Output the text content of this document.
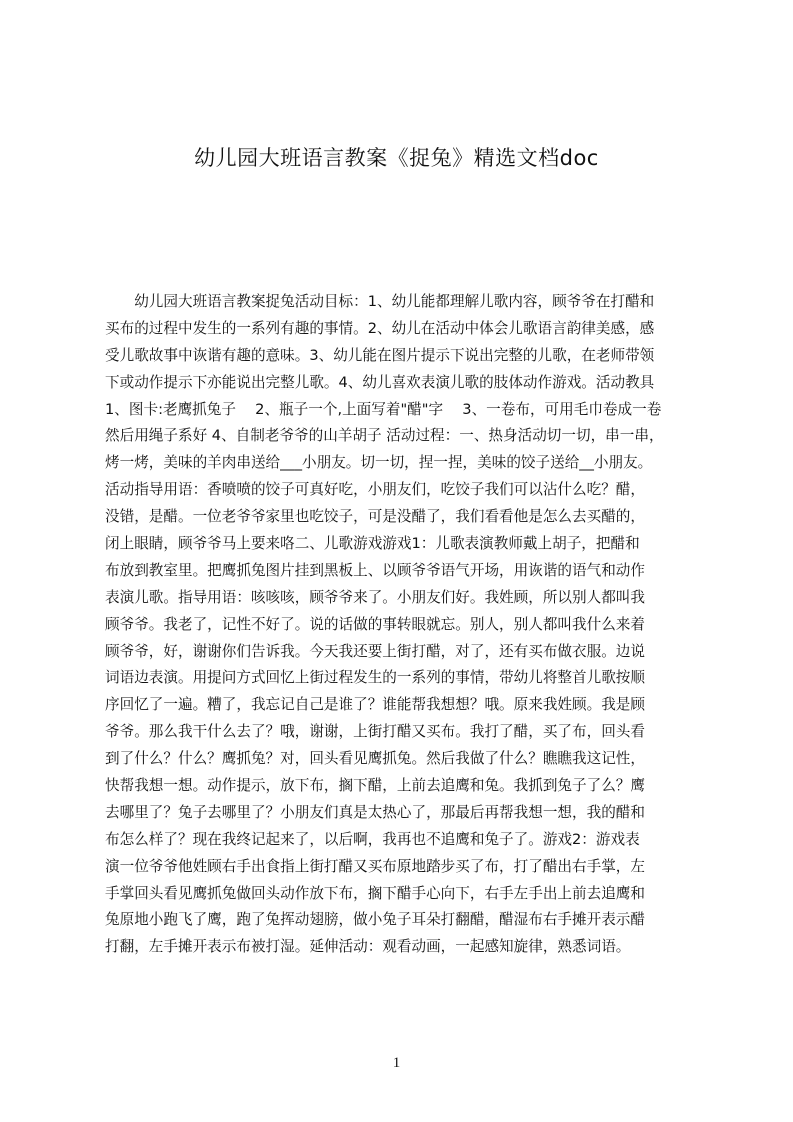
幼儿园大班语言教案《捉兔》精选文档doc
　　幼儿园大班语言教案捉兔活动目标：1、幼儿能都理解儿歌内容，顾爷爷在打醋和
买布的过程中发生的一系列有趣的事情。2、幼儿在活动中体会儿歌语言韵律美感，感
受儿歌故事中诙谐有趣的意味。3、幼儿能在图片提示下说出完整的儿歌，在老师带领
下或动作提示下亦能说出完整儿歌。4、幼儿喜欢表演儿歌的肢体动作游戏。活动教具
1、图卡:老鹰抓兔子　 2、瓶子一个,上面写着"醋"字　 3、一卷布，可用毛巾卷成一卷
然后用绳子系好 4、自制老爷爷的山羊胡子 活动过程：一、热身活动切一切，串一串，
烤一烤，美味的羊肉串送给___小朋友。切一切，捏一捏，美味的饺子送给__小朋友。
活动指导用语：香喷喷的饺子可真好吃，小朋友们，吃饺子我们可以沾什么吃？醋，
没错，是醋。一位老爷爷家里也吃饺子，可是没醋了，我们看看他是怎么去买醋的，
闭上眼睛，顾爷爷马上要来咯二、儿歌游戏游戏1：儿歌表演教师戴上胡子，把醋和
布放到教室里。把鹰抓兔图片挂到黑板上、以顾爷爷语气开场，用诙谐的语气和动作
表演儿歌。指导用语：咳咳咳，顾爷爷来了。小朋友们好。我姓顾，所以别人都叫我
顾爷爷。我老了，记性不好了。说的话做的事转眼就忘。别人，别人都叫我什么来着
顾爷爷，好，谢谢你们告诉我。今天我还要上街打醋，对了，还有买布做衣服。边说
词语边表演。用提问方式回忆上街过程发生的一系列的事情，带幼儿将整首儿歌按顺
序回忆了一遍。糟了，我忘记自己是谁了？谁能帮我想想？哦。原来我姓顾。我是顾
爷爷。那么我干什么去了？哦，谢谢，上街打醋又买布。我打了醋，买了布，回头看
到了什么？什么？鹰抓兔？对，回头看见鹰抓兔。然后我做了什么？瞧瞧我这记性，
快帮我想一想。动作提示，放下布，搁下醋，上前去追鹰和兔。我抓到兔子了么？鹰
去哪里了？兔子去哪里了？小朋友们真是太热心了，那最后再帮我想一想，我的醋和
布怎么样了？现在我终记起来了，以后啊，我再也不追鹰和兔子了。游戏2：游戏表
演一位爷爷他姓顾右手出食指上街打醋又买布原地踏步买了布，打了醋出右手掌，左
手掌回头看见鹰抓兔做回头动作放下布，搁下醋手心向下，右手左手出上前去追鹰和
兔原地小跑飞了鹰，跑了兔挥动翅膀，做小兔子耳朵打翻醋，醋湿布右手摊开表示醋
打翻，左手摊开表示布被打湿。延伸活动：观看动画，一起感知旋律，熟悉词语。
1
